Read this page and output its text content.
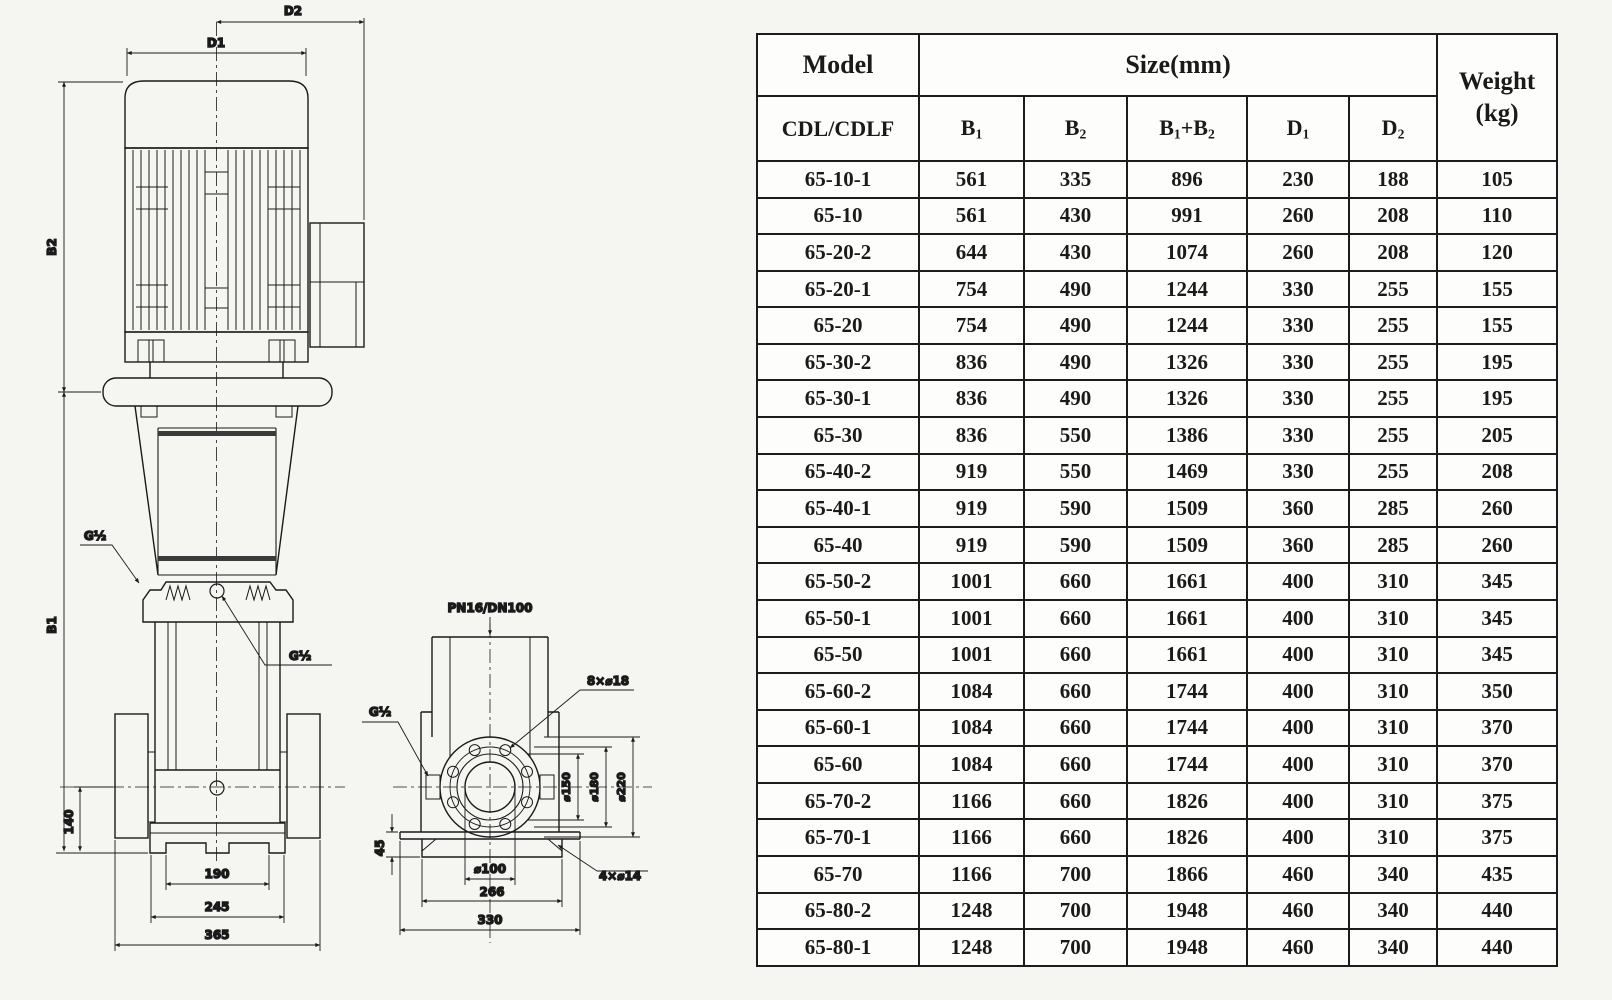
D1
D2
B2
B1
140
190
245
365
G½
G½
PN16/DN100
8×⌀18
⌀150 ⌀180 ⌀220
⌀100
266
330
45
4×⌀14
G½
Model	Size(mm)					Weight
(kg)

CDL/CDLF	$B_1$	$B_2$	$B_1+B_2$	$D_1$	$D_2$
65-10-1	561	335	896	230	188	105
65-10	561	430	991	260	208	110
65-20-2	644	430	1074	260	208	120
65-20-1	754	490	1244	330	255	155
65-20	754	490	1244	330	255	155
65-30-2	836	490	1326	330	255	195
65-30-1	836	490	1326	330	255	195
65-30	836	550	1386	330	255	205
65-40-2	919	550	1469	330	255	208
65-40-1	919	590	1509	360	285	260
65-40	919	590	1509	360	285	260
65-50-2	1001	660	1661	400	310	345
65-50-1	1001	660	1661	400	310	345
65-50	1001	660	1661	400	310	345
65-60-2	1084	660	1744	400	310	350
65-60-1	1084	660	1744	400	310	370
65-60	1084	660	1744	400	310	370
65-70-2	1166	660	1826	400	310	375
65-70-1	1166	660	1826	400	310	375
65-70	1166	700	1866	460	340	435
65-80-2	1248	700	1948	460	340	440
65-80-1	1248	700	1948	460	340	440
